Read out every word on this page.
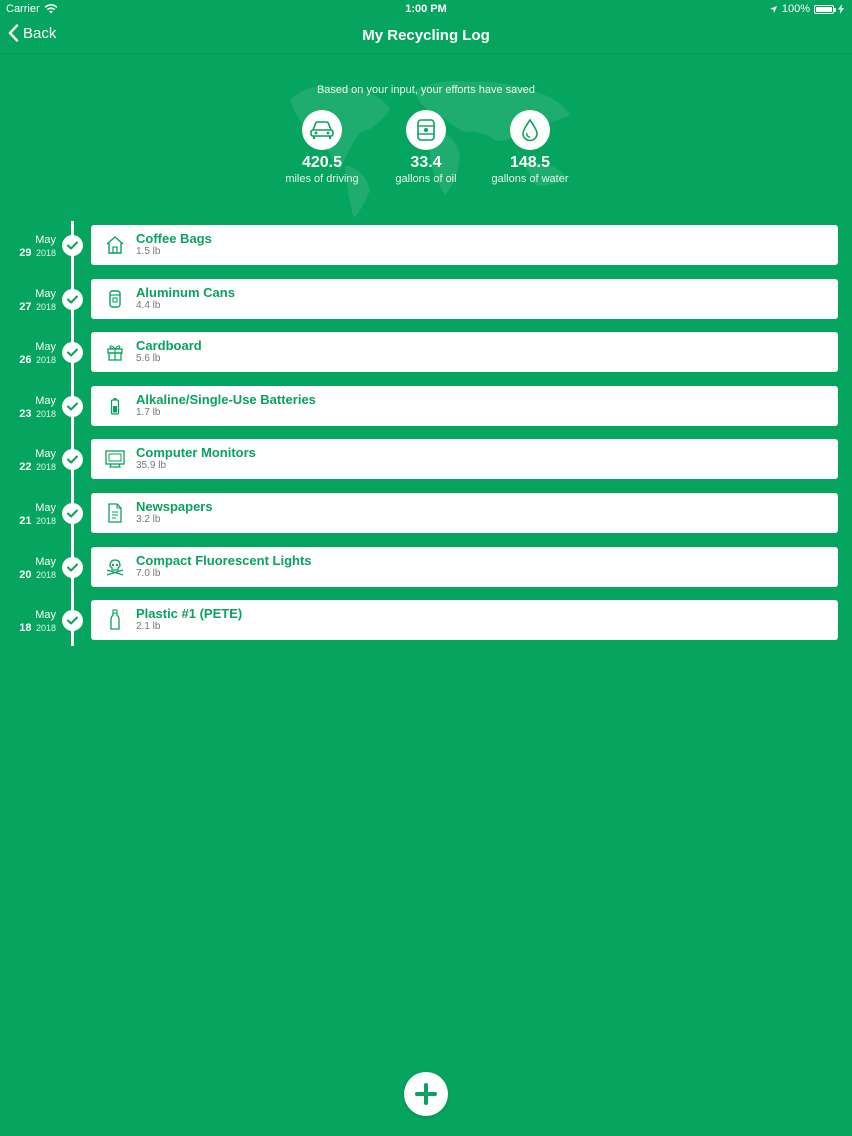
Carrier	1:00 PM	100%
Back	My Recycling Log
Based on your input, your efforts have saved
420.5
miles of driving
33.4
gallons of oil
148.5
gallons of water
May
29 2018
Coffee Bags
1.5 lb
May
27 2018
Aluminum Cans
4.4 lb
May
26 2018
Cardboard
5.6 lb
May
23 2018
Alkaline/Single-Use Batteries
1.7 lb
May
22 2018
Computer Monitors
35.9 lb
May
21 2018
Newspapers
3.2 lb
May
20 2018
Compact Fluorescent Lights
7.0 lb
May
18 2018
Plastic #1 (PETE)
2.1 lb
